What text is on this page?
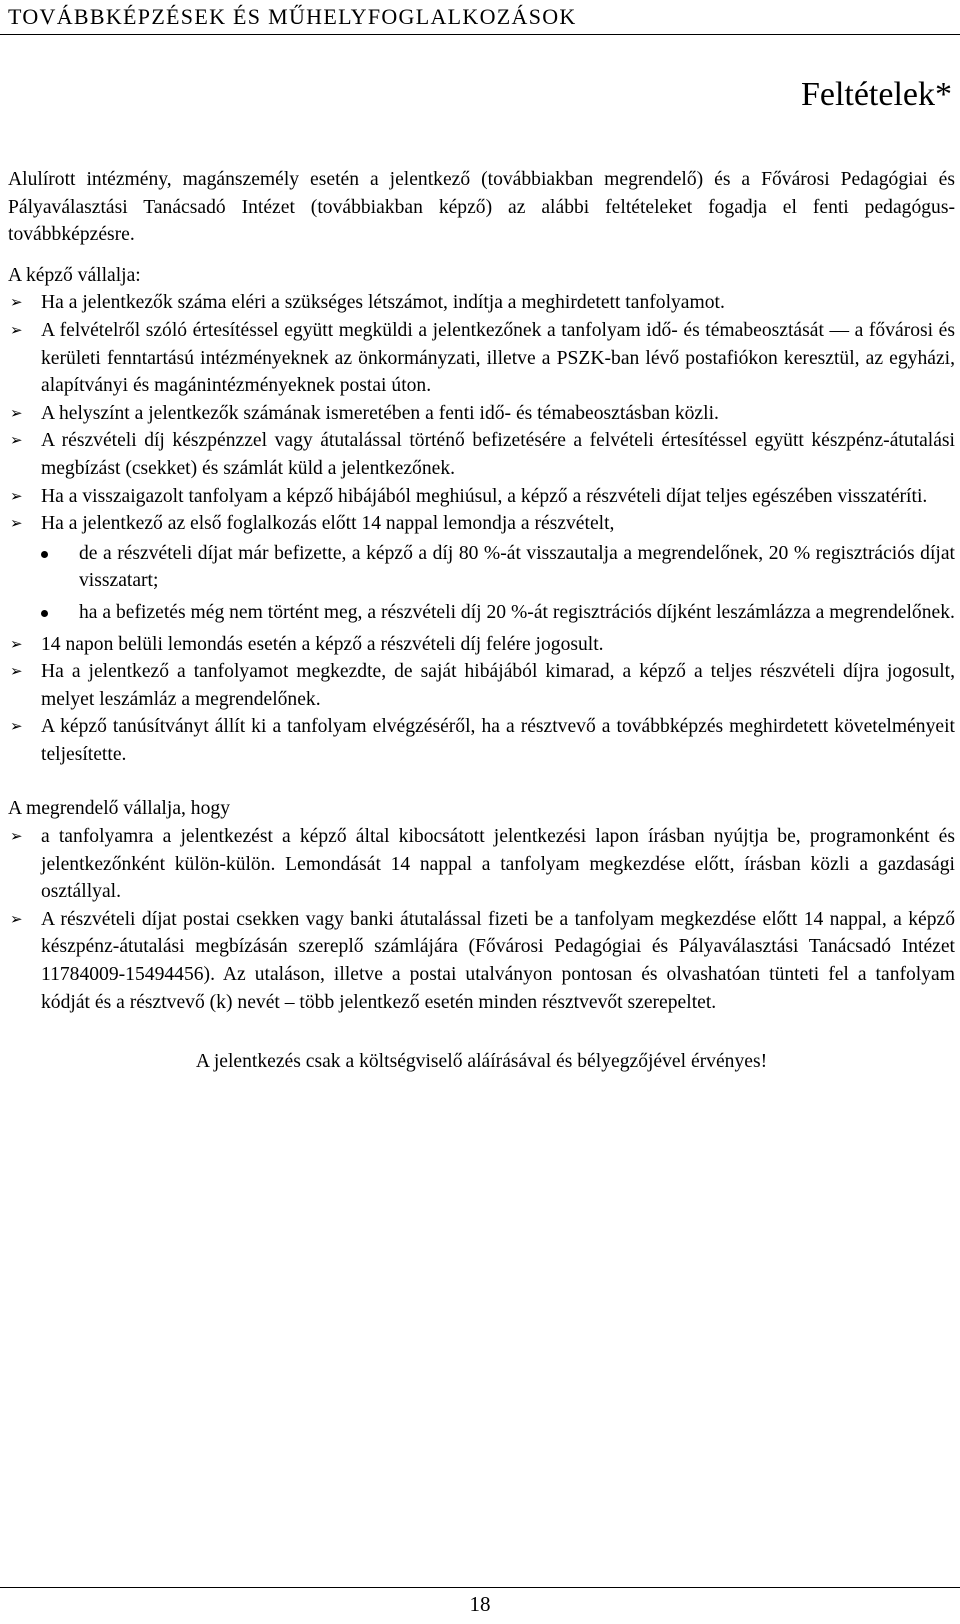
TOVÁBBKÉPZÉSEK ÉS MŰHELYFOGLALKOZÁSOK
Feltételek*

Alulírott intézmény, magánszemély esetén a jelentkező (továbbiakban megrendelő) és a Fővárosi Pedagógiai és Pályaválasztási Tanácsadó Intézet (továbbiakban képző) az alábbi feltételeket fogadja el fenti pedagógus-továbbképzésre.

A képző vállalja:

➢ Ha a jelentkezők száma eléri a szükséges létszámot, indítja a meghirdetett tanfolyamot.
➢ A felvételről szóló értesítéssel együtt megküldi a jelentkezőnek a tanfolyam idő- és témabeosztását — a fővárosi és kerületi fenntartású intézményeknek az önkormányzati, illetve a PSZK-ban lévő postafiókon keresztül, az egyházi, alapítványi és magánintézményeknek postai úton.
➢ A helyszínt a jelentkezők számának ismeretében a fenti idő- és témabeosztásban közli.
➢ A részvételi díj készpénzzel vagy átutalással történő befizetésére a felvételi értesítéssel együtt készpénz-átutalási megbízást (csekket) és számlát küld a jelentkezőnek.
➢ Ha a visszaigazolt tanfolyam a képző hibájából meghiúsul, a képző a részvételi díjat teljes egészében visszatéríti.
➢ Ha a jelentkező az első foglalkozás előtt 14 nappal lemondja a részvételt,
de a részvételi díjat már befizette, a képző a díj 80 %-át visszautalja a megrendelőnek, 20 % regisztrációs díjat visszatart;
ha a befizetés még nem történt meg, a részvételi díj 20 %-át regisztrációs díjként leszámlázza a megrendelőnek.
➢ 14 napon belüli lemondás esetén a képző a részvételi díj felére jogosult.
➢ Ha a jelentkező a tanfolyamot megkezdte, de saját hibájából kimarad, a képző a teljes részvételi díjra jogosult, melyet leszámláz a megrendelőnek.
➢ A képző tanúsítványt állít ki a tanfolyam elvégzéséről, ha a résztvevő a továbbképzés meghirdetett követelményeit teljesítette.

A megrendelő vállalja, hogy

➢ a tanfolyamra a jelentkezést a képző által kibocsátott jelentkezési lapon írásban nyújtja be, programonként és jelentkezőnként külön-külön. Lemondását 14 nappal a tanfolyam megkezdése előtt, írásban közli a gazdasági osztállyal.
➢ A részvételi díjat postai csekken vagy banki átutalással fizeti be a tanfolyam megkezdése előtt 14 nappal, a képző készpénz-átutalási megbízásán szereplő számlájára (Fővárosi Pedagógiai és Pályaválasztási Tanácsadó Intézet 11784009-15494456). Az utaláson, illetve a postai utalványon pontosan és olvashatóan tünteti fel a tanfolyam kódját és a résztvevő (k) nevét – több jelentkező esetén minden résztvevőt szerepeltet.

A jelentkezés csak a költségviselő aláírásával és bélyegzőjével érvényes!

18
